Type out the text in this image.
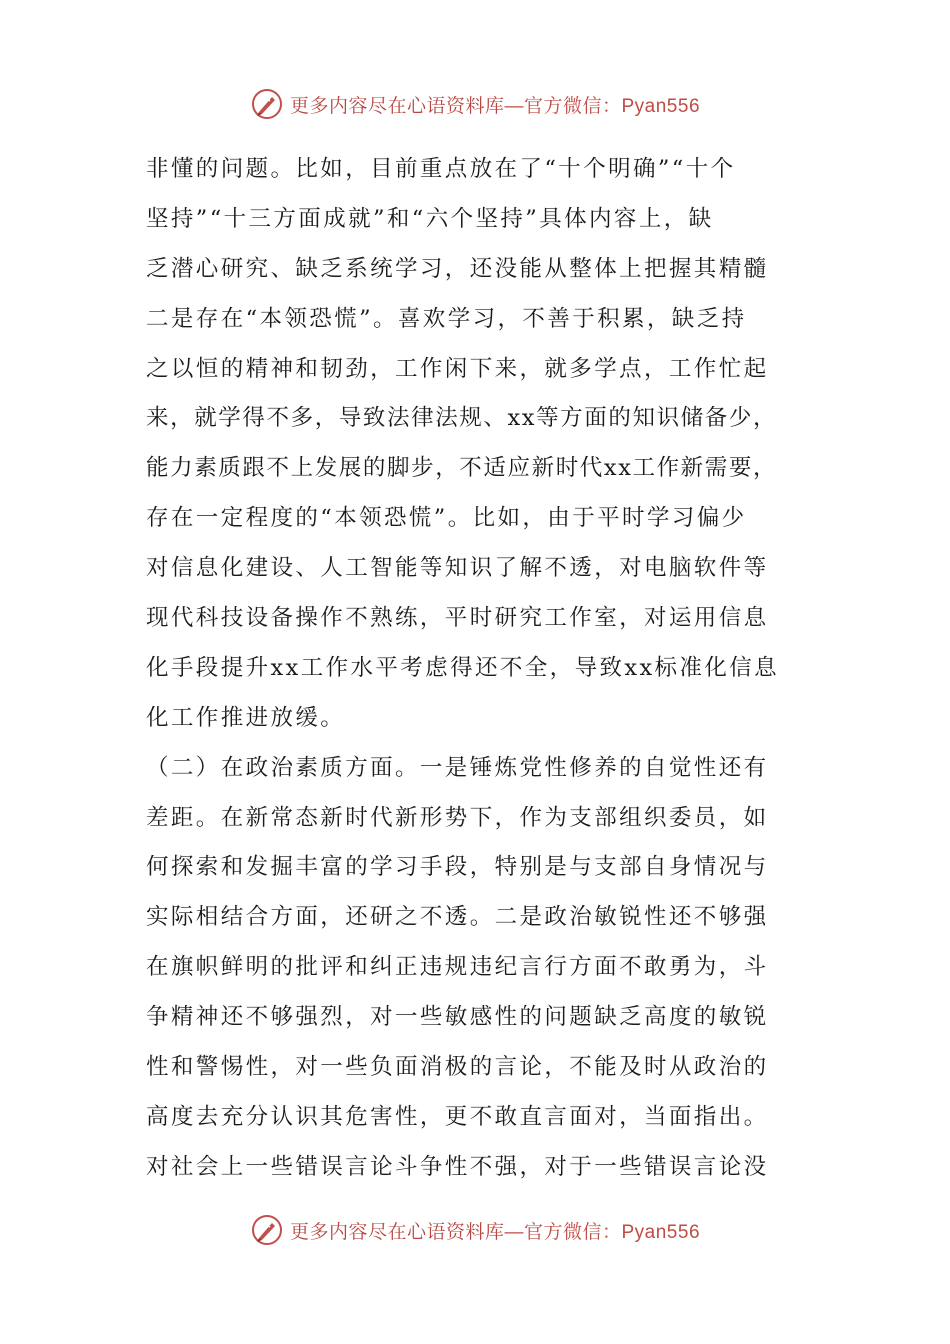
更多内容尽在心语资料库—官方微信：Pyan556
非懂的问题。比如，目前重点放在了“十个明确”“十个
坚持”“十三方面成就”和“六个坚持”具体内容上，缺
乏潜心研究、缺乏系统学习，还没能从整体上把握其精髓
二是存在“本领恐慌”。喜欢学习，不善于积累，缺乏持
之以恒的精神和韧劲，工作闲下来，就多学点，工作忙起
来，就学得不多，导致法律法规、xx等方面的知识储备少，
能力素质跟不上发展的脚步，不适应新时代xx工作新需要，
存在一定程度的“本领恐慌”。比如，由于平时学习偏少
对信息化建设、人工智能等知识了解不透，对电脑软件等
现代科技设备操作不熟练，平时研究工作室，对运用信息
化手段提升xx工作水平考虑得还不全，导致xx标准化信息
化工作推进放缓。
（二）在政治素质方面。一是锤炼党性修养的自觉性还有
差距。在新常态新时代新形势下，作为支部组织委员，如
何探索和发掘丰富的学习手段，特别是与支部自身情况与
实际相结合方面，还研之不透。二是政治敏锐性还不够强
在旗帜鲜明的批评和纠正违规违纪言行方面不敢勇为，斗
争精神还不够强烈，对一些敏感性的问题缺乏高度的敏锐
性和警惕性，对一些负面消极的言论，不能及时从政治的
高度去充分认识其危害性，更不敢直言面对，当面指出。
对社会上一些错误言论斗争性不强，对于一些错误言论没
更多内容尽在心语资料库—官方微信：Pyan556
